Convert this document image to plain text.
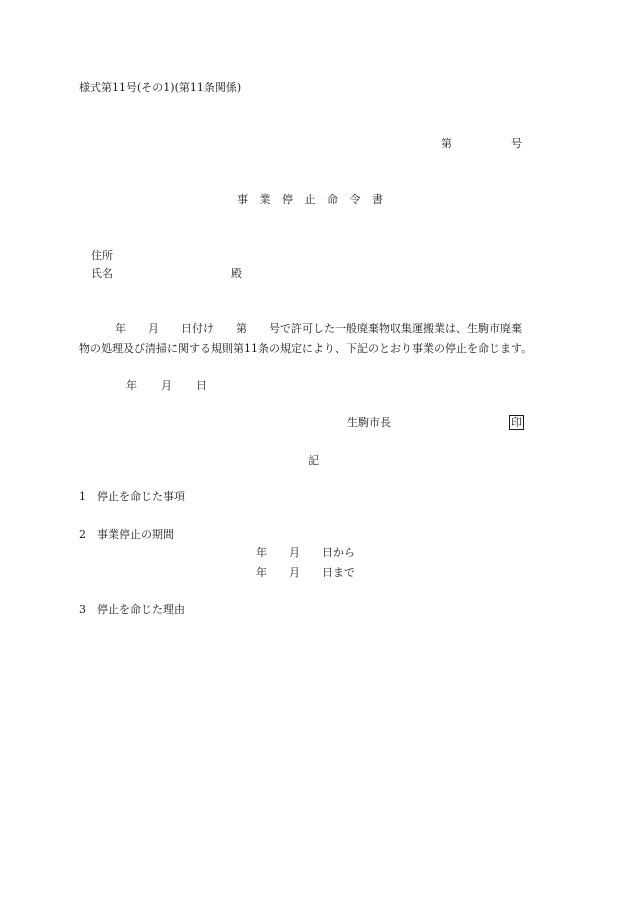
様式第11号(その1)(第11条関係)
第	号
事 業 停 止 命 令 書
住所
氏名	殿
年　　月　　日付け　　第　　号で許可した一般廃棄物収集運搬業は、生駒市廃棄
物の処理及び清掃に関する規則第11条の規定により、下記のとおり事業の停止を命じます。
年 月 日
生駒市長	印
記
1　停止を命じた事項
2　事業停止の期間
年　　月　　日から
年　　月　　日まで
3　停止を命じた理由
